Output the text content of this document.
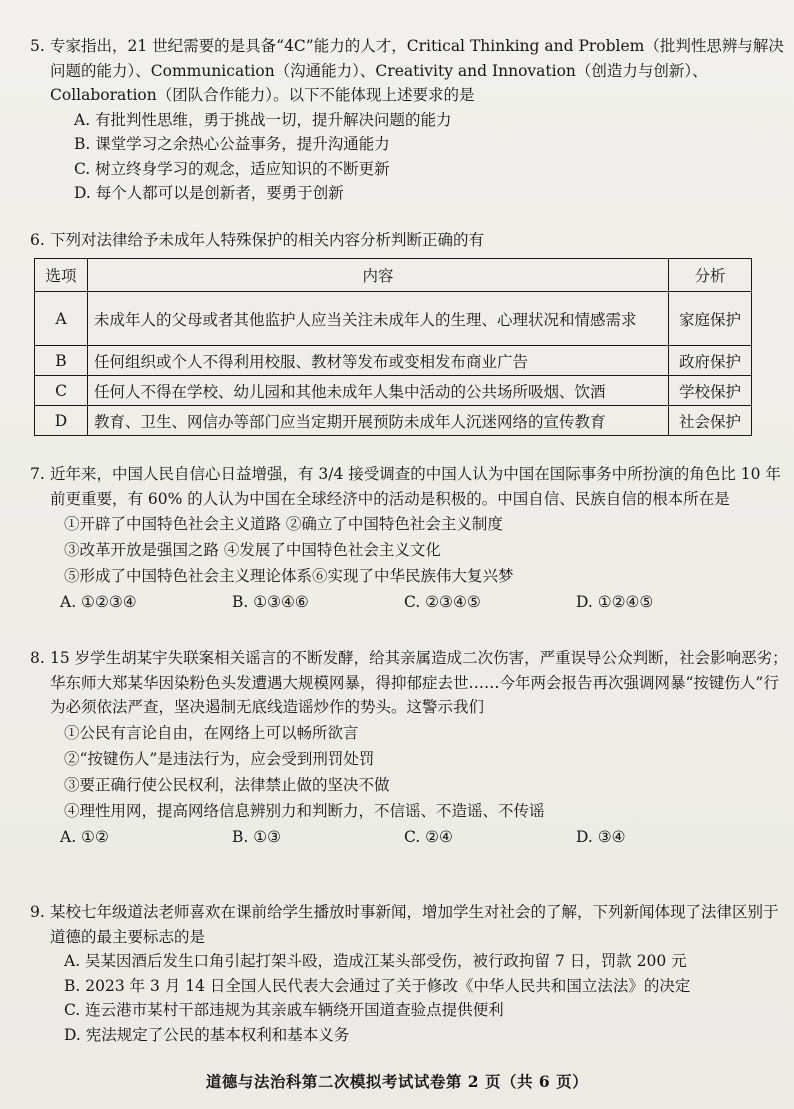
5. 专家指出，21 世纪需要的是具备“4C”能力的人才，Critical Thinking and Problem（批判性思辨与解决问题的能力）、Communication（沟通能力）、Creativity and Innovation（创造力与创新）、Collaboration（团队合作能力）。以下不能体现上述要求的是
A. 有批判性思维，勇于挑战一切，提升解决问题的能力
B. 课堂学习之余热心公益事务，提升沟通能力
C. 树立终身学习的观念，适应知识的不断更新
D. 每个人都可以是创新者，要勇于创新
6. 下列对法律给予未成年人特殊保护的相关内容分析判断正确的有
选项	内容	分析
A	未成年人的父母或者其他监护人应当关注未成年人的生理、心理状况和情感需求	家庭保护
B	任何组织或个人不得利用校服、教材等发布或变相发布商业广告	政府保护
C	任何人不得在学校、幼儿园和其他未成年人集中活动的公共场所吸烟、饮酒	学校保护
D	教育、卫生、网信办等部门应当定期开展预防未成年人沉迷网络的宣传教育	社会保护
7. 近年来，中国人民自信心日益增强，有 3/4 接受调查的中国人认为中国在国际事务中所扮演的角色比 10 年前更重要，有 60% 的人认为中国在全球经济中的活动是积极的。中国自信、民族自信的根本所在是
①开辟了中国特色社会主义道路 ②确立了中国特色社会主义制度
③改革开放是强国之路 ④发展了中国特色社会主义文化
⑤形成了中国特色社会主义理论体系⑥实现了中华民族伟大复兴梦
A. ①②③④	B. ①③④⑥	C. ②③④⑤	D. ①②④⑤
8. 15 岁学生胡某宇失联案相关谣言的不断发酵，给其亲属造成二次伤害，严重误导公众判断，社会影响恶劣；华东师大郑某华因染粉色头发遭遇大规模网暴，得抑郁症去世……今年两会报告再次强调网暴“按键伤人”行为必须依法严查，坚决遏制无底线造谣炒作的势头。这警示我们
①公民有言论自由，在网络上可以畅所欲言
②“按键伤人”是违法行为，应会受到刑罚处罚
③要正确行使公民权利，法律禁止做的坚决不做
④理性用网，提高网络信息辨别力和判断力，不信谣、不造谣、不传谣
A. ①②	B. ①③	C. ②④	D. ③④
9. 某校七年级道法老师喜欢在课前给学生播放时事新闻，增加学生对社会的了解，下列新闻体现了法律区别于道德的最主要标志的是
A. 吴某因酒后发生口角引起打架斗殴，造成江某头部受伤，被行政拘留 7 日，罚款 200 元
B. 2023 年 3 月 14 日全国人民代表大会通过了关于修改《中华人民共和国立法法》的决定
C. 连云港市某村干部违规为其亲戚车辆绕开国道查验点提供便利
D. 宪法规定了公民的基本权利和基本义务
道德与法治科第二次模拟考试试卷第 2 页（共 6 页）
